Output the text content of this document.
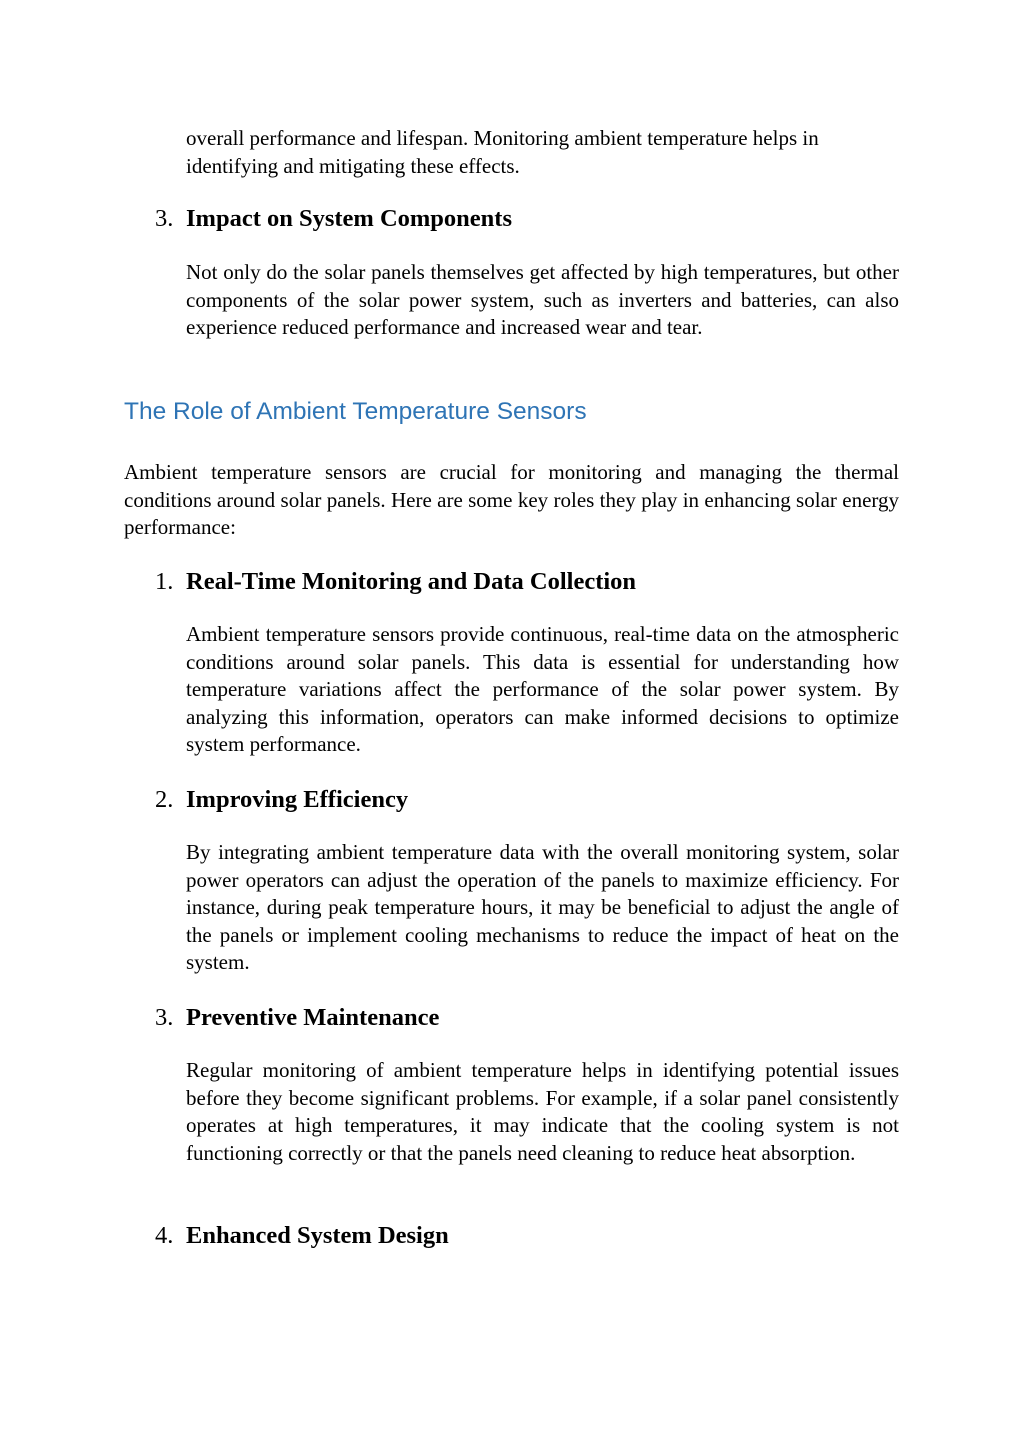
overall performance and lifespan. Monitoring ambient temperature helps in identifying and mitigating these effects.

3. Impact on System Components

Not only do the solar panels themselves get affected by high temperatures, but other components of the solar power system, such as inverters and batteries, can also experience reduced performance and increased wear and tear.

The Role of Ambient Temperature Sensors

Ambient temperature sensors are crucial for monitoring and managing the thermal conditions around solar panels. Here are some key roles they play in enhancing solar energy performance:

1. Real-Time Monitoring and Data Collection

Ambient temperature sensors provide continuous, real-time data on the atmospheric conditions around solar panels. This data is essential for understanding how temperature variations affect the performance of the solar power system. By analyzing this information, operators can make informed decisions to optimize system performance.

2. Improving Efficiency

By integrating ambient temperature data with the overall monitoring system, solar power operators can adjust the operation of the panels to maximize efficiency. For instance, during peak temperature hours, it may be beneficial to adjust the angle of the panels or implement cooling mechanisms to reduce the impact of heat on the system.

3. Preventive Maintenance

Regular monitoring of ambient temperature helps in identifying potential issues before they become significant problems. For example, if a solar panel consistently operates at high temperatures, it may indicate that the cooling system is not functioning correctly or that the panels need cleaning to reduce heat absorption.

4. Enhanced System Design
